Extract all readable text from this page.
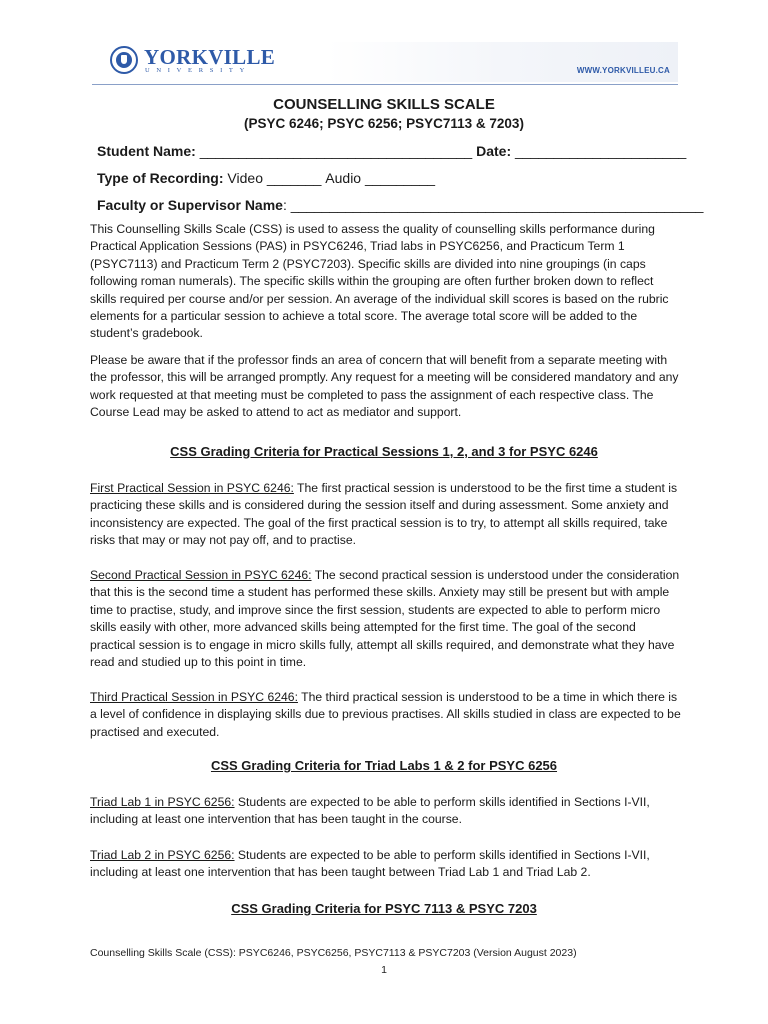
YORKVILLE
UNIVERSITY	WWW.YORKVILLEU.CA
COUNSELLING SKILLS SCALE
(PSYC 6246; PSYC 6256; PSYC7113 & 7203)
Student Name: ___________________________________ Date: ______________________
Type of Recording: Video _______ Audio _________
Faculty or Supervisor Name: _____________________________________________________
This Counselling Skills Scale (CSS) is used to assess the quality of counselling skills performance during Practical Application Sessions (PAS) in PSYC6246, Triad labs in PSYC6256, and Practicum Term 1 (PSYC7113) and Practicum Term 2 (PSYC7203). Specific skills are divided into nine groupings (in caps following roman numerals). The specific skills within the grouping are often further broken down to reflect skills required per course and/or per session. An average of the individual skill scores is based on the rubric elements for a particular session to achieve a total score. The average total score will be added to the student’s gradebook.
Please be aware that if the professor finds an area of concern that will benefit from a separate meeting with the professor, this will be arranged promptly. Any request for a meeting will be considered mandatory and any work requested at that meeting must be completed to pass the assignment of each respective class. The Course Lead may be asked to attend to act as mediator and support.
CSS Grading Criteria for Practical Sessions 1, 2, and 3 for PSYC 6246
First Practical Session in PSYC 6246: The first practical session is understood to be the first time a student is practicing these skills and is considered during the session itself and during assessment. Some anxiety and inconsistency are expected. The goal of the first practical session is to try, to attempt all skills required, take risks that may or may not pay off, and to practise.
Second Practical Session in PSYC 6246: The second practical session is understood under the consideration that this is the second time a student has performed these skills. Anxiety may still be present but with ample time to practise, study, and improve since the first session, students are expected to able to perform micro skills easily with other, more advanced skills being attempted for the first time. The goal of the second practical session is to engage in micro skills fully, attempt all skills required, and demonstrate what they have read and studied up to this point in time.
Third Practical Session in PSYC 6246: The third practical session is understood to be a time in which there is a level of confidence in displaying skills due to previous practises. All skills studied in class are expected to be practised and executed.
CSS Grading Criteria for Triad Labs 1 & 2 for PSYC 6256
Triad Lab 1 in PSYC 6256: Students are expected to be able to perform skills identified in Sections I-VII, including at least one intervention that has been taught in the course.
Triad Lab 2 in PSYC 6256: Students are expected to be able to perform skills identified in Sections I-VII, including at least one intervention that has been taught between Triad Lab 1 and Triad Lab 2.
CSS Grading Criteria for PSYC 7113 & PSYC 7203
Counselling Skills Scale (CSS): PSYC6246, PSYC6256, PSYC7113 & PSYC7203 (Version August 2023)
1
